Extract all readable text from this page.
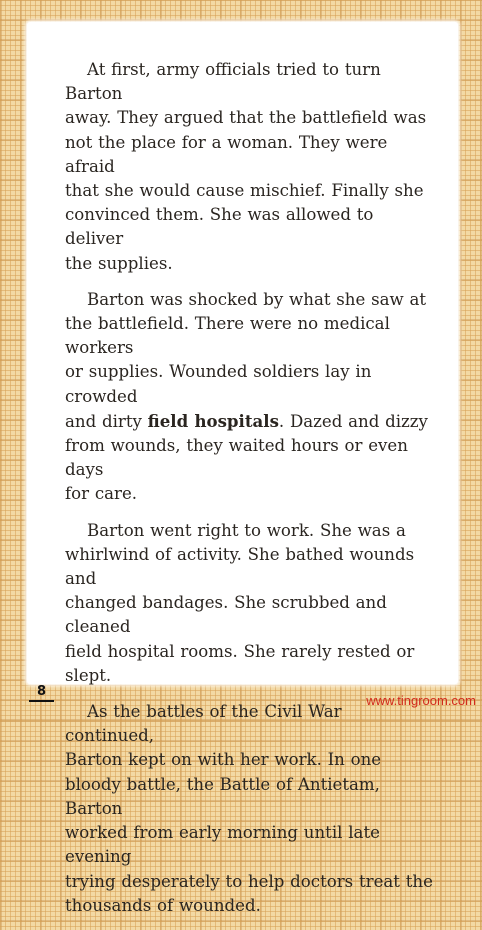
At first, army officials tried to turn Barton
away. They argued that the battlefield was
not the place for a woman. They were afraid
that she would cause mischief. Finally she
convinced them. She was allowed to deliver
the supplies.

Barton was shocked by what she saw at
the battlefield. There were no medical workers
or supplies. Wounded soldiers lay in crowded
and dirty field hospitals. Dazed and dizzy
from wounds, they waited hours or even days
for care.

Barton went right to work. She was a
whirlwind of activity. She bathed wounds and
changed bandages. She scrubbed and cleaned
field hospital rooms. She rarely rested or
slept.

As the battles of the Civil War continued,
Barton kept on with her work. In one
bloody battle, the Battle of Antietam, Barton
worked from early morning until late evening
trying desperately to help doctors treat the
thousands of wounded.

8
www.tingroom.com
